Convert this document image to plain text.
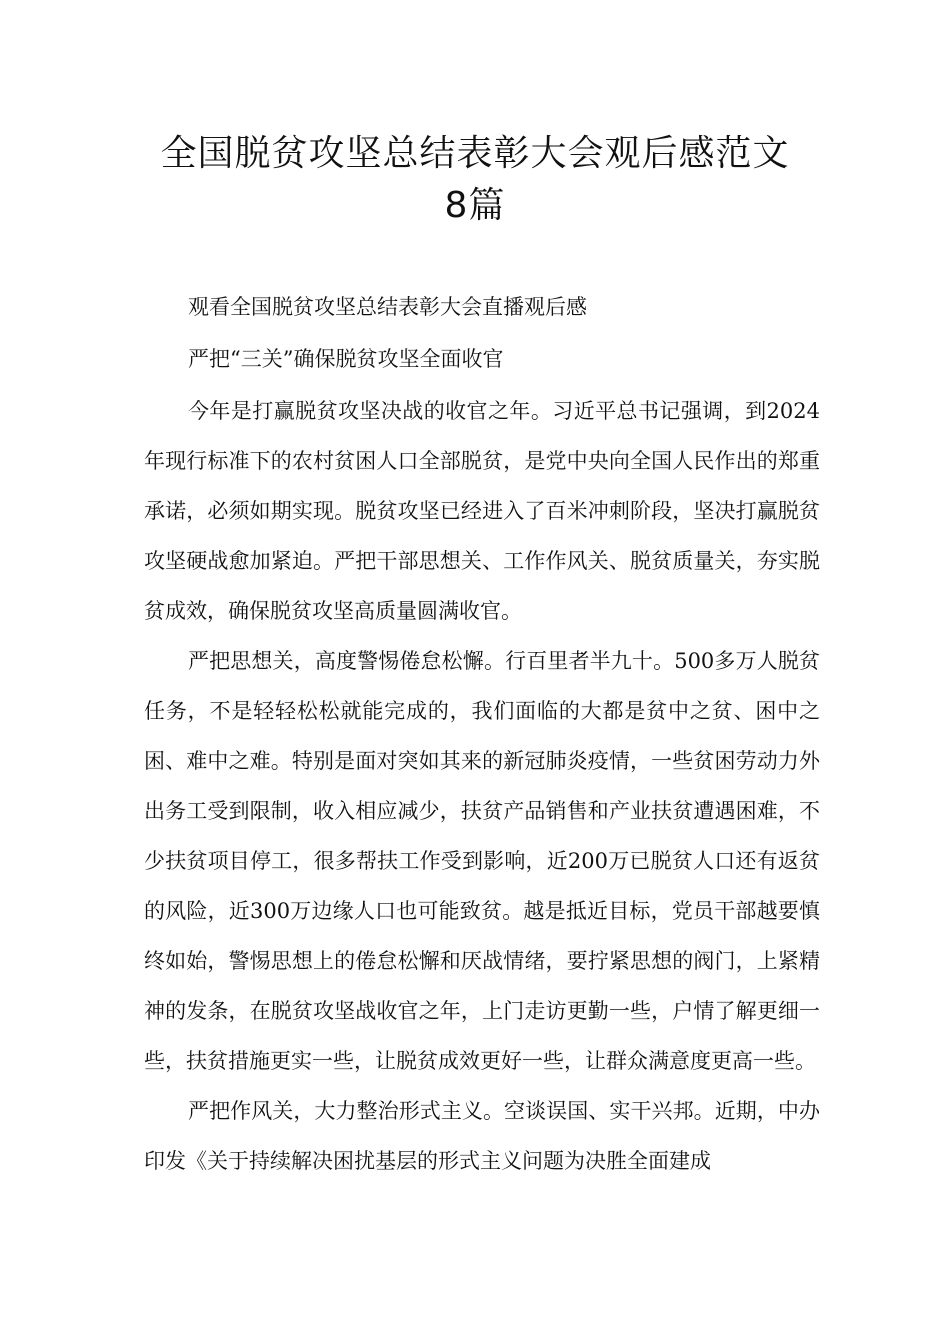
全国脱贫攻坚总结表彰大会观后感范文
8篇

观看全国脱贫攻坚总结表彰大会直播观后感

严把“三关”确保脱贫攻坚全面收官

今年是打赢脱贫攻坚决战的收官之年。习近平总书记强调，到2024年现行标准下的农村贫困人口全部脱贫，是党中央向全国人民作出的郑重承诺，必须如期实现。脱贫攻坚已经进入了百米冲刺阶段，坚决打赢脱贫攻坚硬战愈加紧迫。严把干部思想关、工作作风关、脱贫质量关，夯实脱贫成效，确保脱贫攻坚高质量圆满收官。

严把思想关，高度警惕倦怠松懈。行百里者半九十。500多万人脱贫任务，不是轻轻松松就能完成的，我们面临的大都是贫中之贫、困中之困、难中之难。特别是面对突如其来的新冠肺炎疫情，一些贫困劳动力外出务工受到限制，收入相应减少，扶贫产品销售和产业扶贫遭遇困难，不少扶贫项目停工，很多帮扶工作受到影响，近200万已脱贫人口还有返贫的风险，近300万边缘人口也可能致贫。越是抵近目标，党员干部越要慎终如始，警惕思想上的倦怠松懈和厌战情绪，要拧紧思想的阀门，上紧精神的发条，在脱贫攻坚战收官之年，上门走访更勤一些，户情了解更细一些，扶贫措施更实一些，让脱贫成效更好一些，让群众满意度更高一些。

严把作风关，大力整治形式主义。空谈误国、实干兴邦。近期，中办印发《关于持续解决困扰基层的形式主义问题为决胜全面建成
